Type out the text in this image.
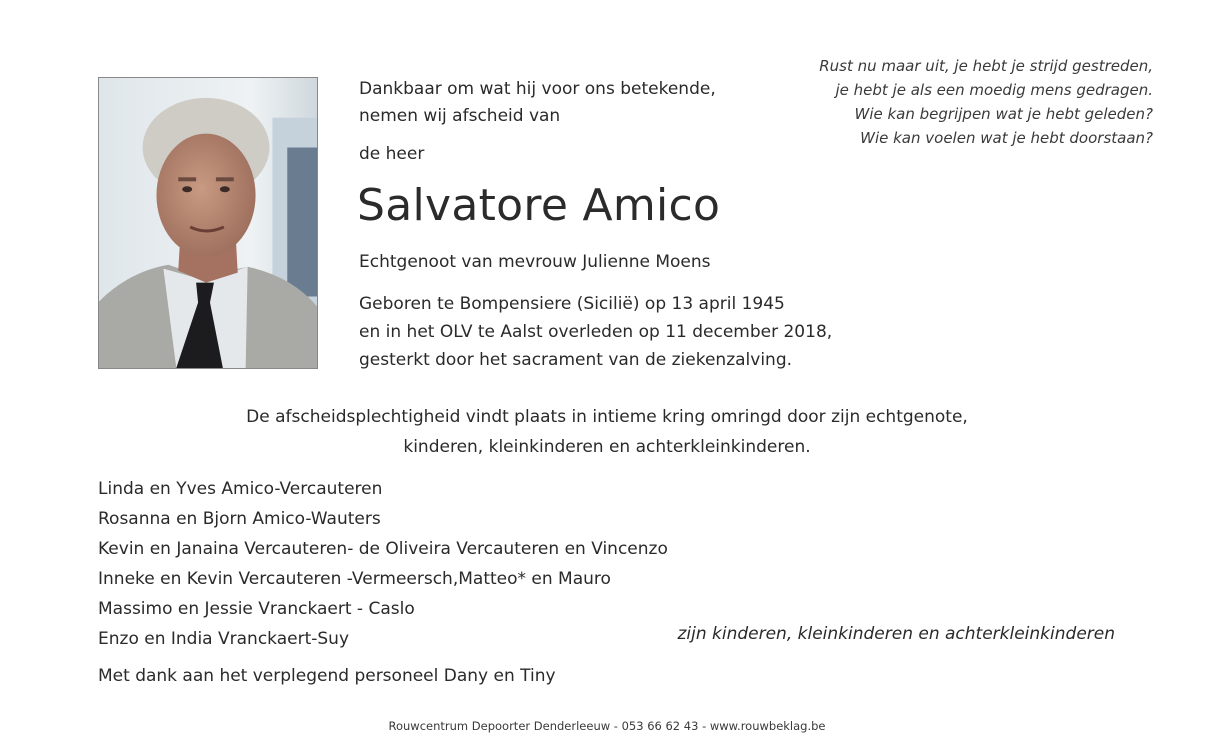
Dankbaar om wat hij voor ons betekende,
nemen wij afscheid van
de heer
Salvatore Amico
Echtgenoot van mevrouw Julienne Moens
Geboren te Bompensiere (Sicilië) op 13 april 1945
en in het OLV te Aalst overleden op 11 december 2018,
gesterkt door het sacrament van de ziekenzalving.
Rust nu maar uit, je hebt je strijd gestreden,
je hebt je als een moedig mens gedragen.
Wie kan begrijpen wat je hebt geleden?
Wie kan voelen wat je hebt doorstaan?
De afscheidsplechtigheid vindt plaats in intieme kring omringd door zijn echtgenote,
kinderen, kleinkinderen en achterkleinkinderen.
Linda en Yves Amico-Vercauteren
Rosanna en Bjorn Amico-Wauters
Kevin en Janaina Vercauteren- de Oliveira Vercauteren en Vincenzo
Inneke en Kevin Vercauteren -Vermeersch,Matteo* en Mauro
Massimo en Jessie Vranckaert - Caslo
Enzo en India Vranckaert-Suy	zijn kinderen, kleinkinderen en achterkleinkinderen
Met dank aan het verplegend personeel Dany en Tiny
Rouwcentrum Depoorter Denderleeuw - 053 66 62 43 - www.rouwbeklag.be
